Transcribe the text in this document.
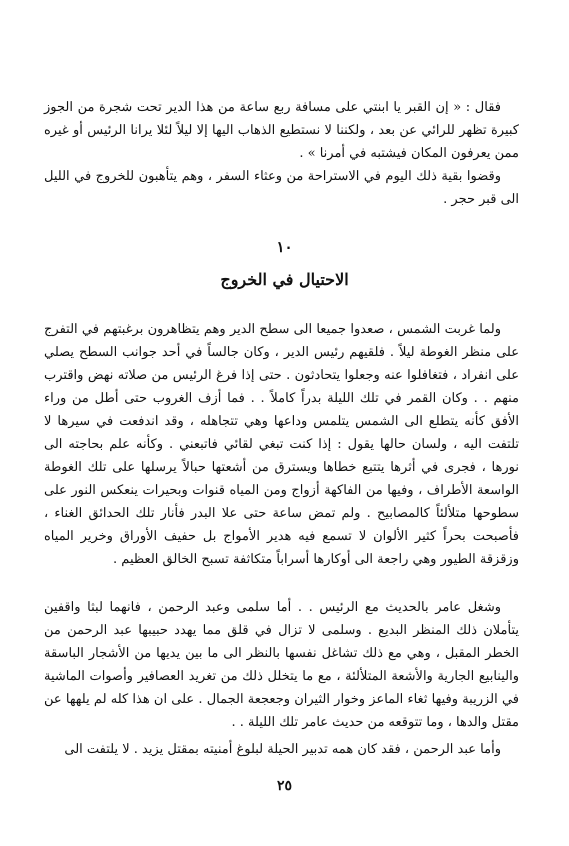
فقال : « إن القبر يا ابنتي على مسافة ربع ساعة من هذا الدير تحت شجرة من الجوز كبيرة تظهر للرائي عن بعد ، ولكننا لا نستطيع الذهاب اليها إلا ليلاً لئلا يرانا الرئيس أو غيره ممن يعرفون المكان فيشتبه في أمرنا » .

وقضوا بقية ذلك اليوم في الاستراحة من وعثاء السفر ، وهم يتأهبون للخروج في الليل الى قبر حجر .

١٠
الاحتيال في الخروج

ولما غربت الشمس ، صعدوا جميعا الى سطح الدير وهم يتظاهرون برغبتهم في التفرج على منظر الغوطة ليلاً . فلقيهم رئيس الدير ، وكان جالساً في أحد جوانب السطح يصلي على انفراد ، فتغافلوا عنه وجعلوا يتحادثون . حتى إذا فرغ الرئيس من صلاته نهض واقترب منهم . . وكان القمر في تلك الليلة بدراً كاملاً . . فما أزف الغروب حتى أطل من وراء الأفق كأنه يتطلع الى الشمس يتلمس وداعها وهي تتجاهله ، وقد اندفعت في سيرها لا تلتفت اليه ، ولسان حالها يقول : إذا كنت تبغي لقائي فاتبعني . وكأنه علم بحاجته الى نورها ، فجرى في أثرها يتتبع خطاها ويسترق من أشعتها حبالاً يرسلها على تلك الغوطة الواسعة الأطراف ، وفيها من الفاكهة أزواج ومن المياه قنوات وبحيرات ينعكس النور على سطوحها متلألئاً كالمصابيح . ولم تمض ساعة حتى علا البدر فأنار تلك الحدائق الغناء ، فأصبحت بحراً كثير الألوان لا تسمع فيه هدير الأمواج بل حفيف الأوراق وخرير المياه وزقزقة الطيور وهي راجعة الى أوكارها أسراباً متكاثفة تسبح الخالق العظيم .

وشغل عامر بالحديث مع الرئيس . . أما سلمى وعبد الرحمن ، فانهما لبثا واقفين يتأملان ذلك المنظر البديع . وسلمى لا تزال في قلق مما يهدد حبيبها عبد الرحمن من الخطر المقبل ، وهي مع ذلك تشاغل نفسها بالنظر الى ما بين يديها من الأشجار الباسقة والينابيع الجارية والأشعة المتلألئة ، مع ما يتخلل ذلك من تغريد العصافير وأصوات الماشية في الزريبة وفيها ثغاء الماعز وخوار الثيران وجعجعة الجمال . على ان هذا كله لم يلهها عن مقتل والدها ، وما تتوقعه من حديث عامر تلك الليلة . .

وأما عبد الرحمن ، فقد كان همه تدبير الحيلة لبلوغ أمنيته بمقتل يزيد . لا يلتفت الى

٢٥
